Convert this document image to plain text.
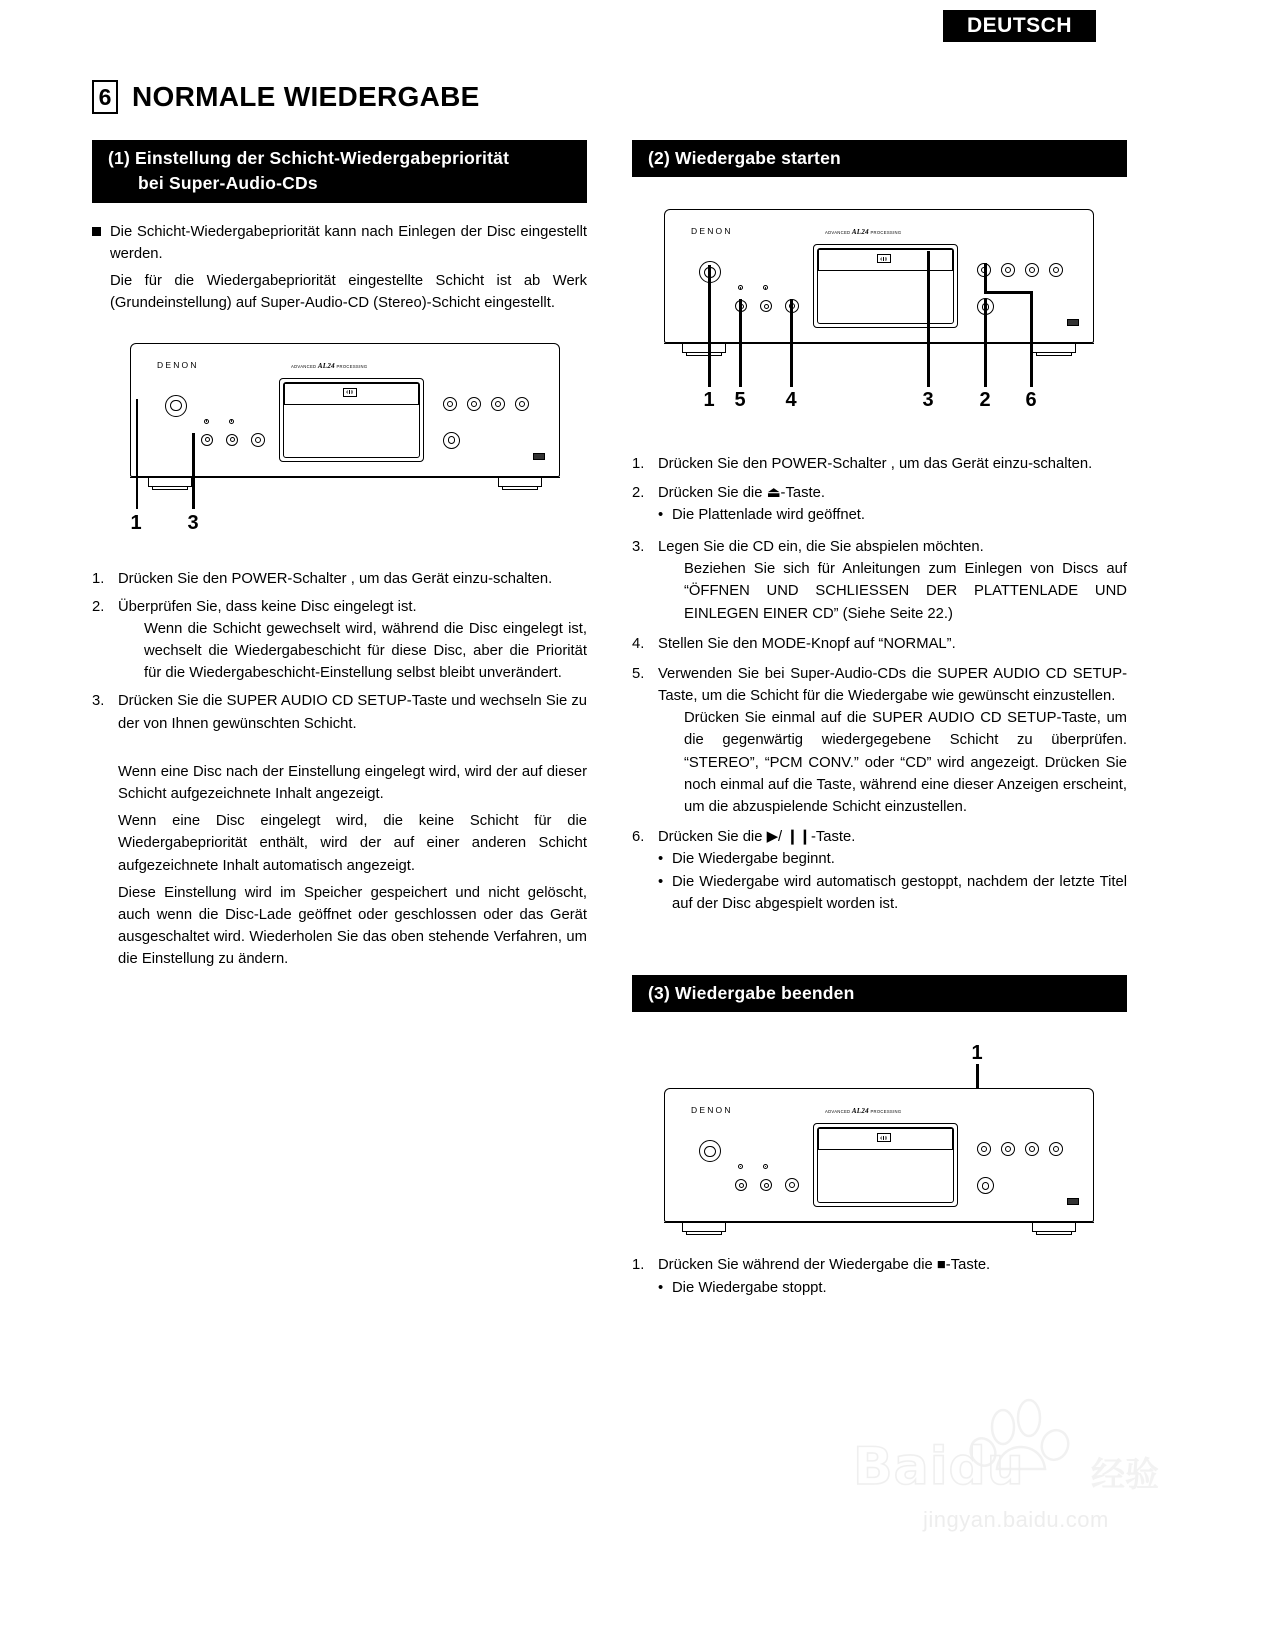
DEUTSCH
6 NORMALE WIEDERGABE
(1) Einstellung der Schicht-Wiedergabepriorität
bei Super-Audio-CDs
Die Schicht-Wiedergabepriorität kann nach Einlegen der Disc eingestellt werden.
Die für die Wiedergabepriorität eingestellte Schicht ist ab Werk (Grundeinstellung) auf Super-Audio-CD (Stereo)-Schicht eingestellt.
DENON	ADVANCED AL24 PROCESSING
1 3
1. Drücken Sie den POWER-Schalter , um das Gerät einzu-schalten.
2. Überprüfen Sie, dass keine Disc eingelegt ist.
Wenn die Schicht gewechselt wird, während die Disc eingelegt ist, wechselt die Wiedergabeschicht für diese Disc, aber die Priorität für die Wiedergabeschicht-Einstellung selbst bleibt unverändert.
3. Drücken Sie die SUPER AUDIO CD SETUP-Taste und wechseln Sie zu der von Ihnen gewünschten Schicht.
Wenn eine Disc nach der Einstellung eingelegt wird, wird der auf dieser Schicht aufgezeichnete Inhalt angezeigt.
Wenn eine Disc eingelegt wird, die keine Schicht für die Wiedergabepriorität enthält, wird der auf einer anderen Schicht aufgezeichnete Inhalt automatisch angezeigt.
Diese Einstellung wird im Speicher gespeichert und nicht gelöscht, auch wenn die Disc-Lade geöffnet oder geschlossen oder das Gerät ausgeschaltet wird. Wiederholen Sie das oben stehende Verfahren, um die Einstellung zu ändern.
(2) Wiedergabe starten
DENON	ADVANCED AL24 PROCESSING
1 5 4	3 2 6
1. Drücken Sie den POWER-Schalter , um das Gerät einzu-schalten.
2. Drücken Sie die ⏏-Taste.
• Die Plattenlade wird geöffnet.
3. Legen Sie die CD ein, die Sie abspielen möchten.
Beziehen Sie sich für Anleitungen zum Einlegen von Discs auf “ÖFFNEN UND SCHLIESSEN DER PLATTENLADE UND EINLEGEN EINER CD” (Siehe Seite 22.)
4. Stellen Sie den MODE-Knopf auf “NORMAL”.
5. Verwenden Sie bei Super-Audio-CDs die SUPER AUDIO CD SETUP-Taste, um die Schicht für die Wiedergabe wie gewünscht einzustellen.
Drücken Sie einmal auf die SUPER AUDIO CD SETUP-Taste, um die gegenwärtig wiedergegebene Schicht zu überprüfen. “STEREO”, “PCM CONV.” oder “CD” wird angezeigt. Drücken Sie noch einmal auf die Taste, während eine dieser Anzeigen erscheint, um die abzuspielende Schicht einzustellen.
6. Drücken Sie die ▶/ ❙❙-Taste.
• Die Wiedergabe beginnt.
• Die Wiedergabe wird automatisch gestoppt, nachdem der letzte Titel auf der Disc abgespielt worden ist.
(3) Wiedergabe beenden
1
DENON	ADVANCED AL24 PROCESSING
1. Drücken Sie während der Wiedergabe die ■-Taste.
• Die Wiedergabe stoppt.
Baidu 经验
jingyan.baidu.com
